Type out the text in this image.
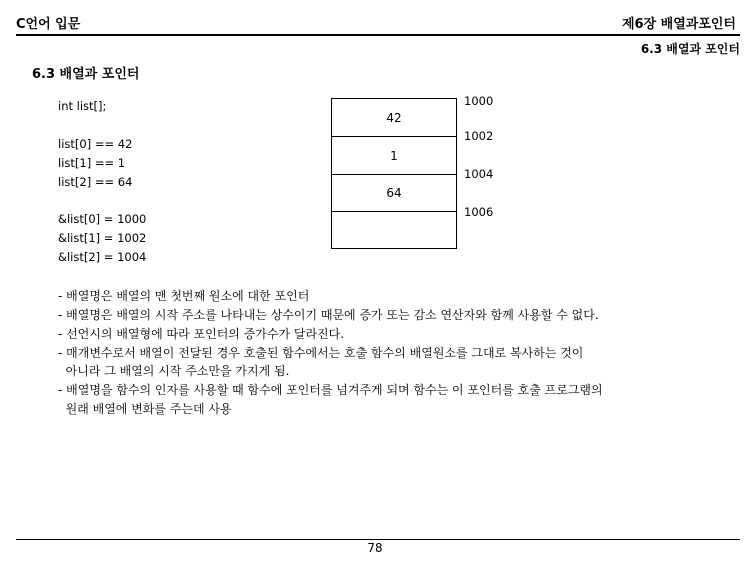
C언어 입문	제6장 배열과포인터
6.3 배열과 포인터
6.3 배열과 포인터
int list[];
list[0] == 42
list[1] == 1
list[2] == 64
&list[0] = 1000
&list[1] = 1002
&list[2] = 1004
42
1
64
1000
1002
1004
1006
- 배열명은 배열의 맨 첫번째 원소에 대한 포인터
- 배열명은 배열의 시작 주소를 나타내는 상수이기 때문에 증가 또는 감소 연산자와 함께 사용할 수 없다.
- 선언시의 배열형에 따라 포인터의 증가수가 달라진다.
- 매개변수로서 배열이 전달된 경우 호출된 함수에서는 호출 함수의 배열원소를 그대로 복사하는 것이
아니라 그 배열의 시작 주소만을 가지게 됨.
- 배열명을 함수의 인자를 사용할 때 함수에 포인터를 넘겨주게 되며 함수는 이 포인터를 호출 프로그램의
원래 배열에 변화를 주는데 사용
78
